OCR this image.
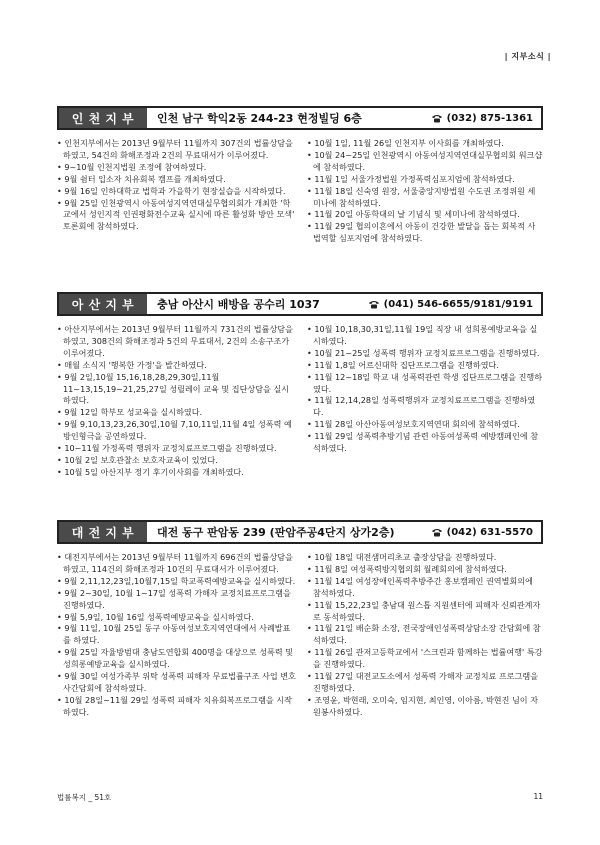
| 지부소식 |
인 천 지 부	인천 남구 학익2동 244-23 현정빌딩 6층	(032) 875-1361

• 인천지부에서는 2013년 9월부터 11월까지 307건의 법률상담을 하였고, 54건의 화해조정과 2건의 무료대서가 이루어졌다.

• 9~10월 인천지법원 조정에 참여하였다.

• 9월 쉼터 입소자 치유회복 캠프를 개최하였다.

• 9월 16일 인하대학교 법학과 가을학기 현장실습을 시작하였다.

• 9월 25일 인천광역시 아동여성지역연대실무협의회가 개최한 '학교에서 성인지적 인권평화전수교육 실시에 따른 활성화 방안 모색' 토론회에 참석하였다.

• 10월 1일, 11월 26일 인천지부 이사회를 개최하였다.

• 10월 24~25일 인천광역시 아동여성지역연대실무협의회 워크샵에 참석하였다.

• 11월 1일 서울가정법원 가정폭력심포지엄에 참석하였다.

• 11월 18일 신숙영 원장, 서울중앙지방법원 수도권 조정위원 세미나에 참석하였다.

• 11월 20일 아동학대의 날 기념식 및 세미나에 참석하였다.

• 11월 29일 협의이혼에서 아동이 건강한 발달을 돕는 회복적 사법역할 심포지엄에 참석하였다.

아 산 지 부	충남 아산시 배방읍 공수리 1037	(041) 546-6655/9181/9191

• 아산지부에서는 2013년 9월부터 11월까지 731건의 법률상담을 하였고, 308건의 화해조정과 5건의 무료대서, 2건의 소송구조가 이루어졌다.

• 매월 소식지 '행복한 가정'을 발간하였다.

• 9월 2일,10월 15,16,18,28,29,30일,11월 11~13,15,19~21,25,27일 성릴레이 교육 및 집단상담을 실시하였다.

• 9월 12일 학부모 성교육을 실시하였다.

• 9월 9,10,13,23,26,30일,10월 7,10,11일,11월 4일 성폭력 예방인형극을 공연하였다.

• 10~11월 가정폭력 행위자 교정치료프로그램을 진행하였다.

• 10월 2일 보호관찰소 보호자교육이 있었다.

• 10월 5일 아산지부 정기 후기이사회를 개최하였다.

• 10월 10,18,30,31일,11월 19일 직장 내 성희롱예방교육을 실시하였다.

• 10월 21~25일 성폭력 행위자 교정치료프로그램을 진행하였다.

• 11월 1,8일 어르신대학 집단프로그램을 진행하였다.

• 11월 12~18일 학교 내 성폭력관련 학생 집단프로그램을 진행하였다.

• 11월 12,14,28일 성폭력행위자 교정치료프로그램을 진행하였다.

• 11월 28일 아산아동여성보호지역연대 회의에 참석하였다.

• 11월 29일 성폭력추방기념 관련 아동여성폭력 예방캠페인에 참석하였다.

대 전 지 부	대전 동구 판암동 239 (판암주공4단지 상가2층)	(042) 631-5570

• 대전지부에서는 2013년 9월부터 11월까지 696건의 법률상담을 하였고, 114건의 화해조정과 10건의 무료대서가 이루어졌다.

• 9월 2,11,12,23일,10월7,15일 학교폭력예방교육을 실시하였다.

• 9월 2~30일, 10월 1~17일 성폭력 가해자 교정치료프로그램을 진행하였다.

• 9월 5,9일, 10월 16일 성폭력예방교육을 실시하였다.

• 9월 11일, 10월 25일 동구 아동여성보호지역연대에서 사례발표를 하였다.

• 9월 25일 자율방범대 충남도연합회 400명을 대상으로 성폭력 및 성희롱예방교육을 실시하였다.

• 9월 30일 여성가족부 위탁 성폭력 피해자 무료법률구조 사업 변호사간담회에 참석하였다.

• 10월 28일~11월 29일 성폭력 피해자 치유회복프로그램을 시작하였다.

• 10월 18일 대전샘머리초교 출장상담을 진행하였다.

• 11월 8일 여성폭력방지협의회 월례회의에 참석하였다.

• 11월 14일 여성장애인폭력추방주간 홍보캠페인 권역별회의에 참석하였다.

• 11월 15,22,23일 충남대 원스톱 지원센터에 피해자 신뢰관계자로 동석하였다.

• 11월 21일 배순화 소장, 전국장애인성폭력상담소장 간담회에 참석하였다.

• 11월 26일 관저고등학교에서 '스크린과 함께하는 법률여행' 특강을 진행하였다.

• 11월 27일 대전교도소에서 성폭력 가해자 교정치료 프로그램을 진행하였다.

• 조영윤, 박현래, 오미숙, 임지현, 최인영, 이아름, 박현진 님이 자원봉사하였다.

법률복지 _ 51호	11
